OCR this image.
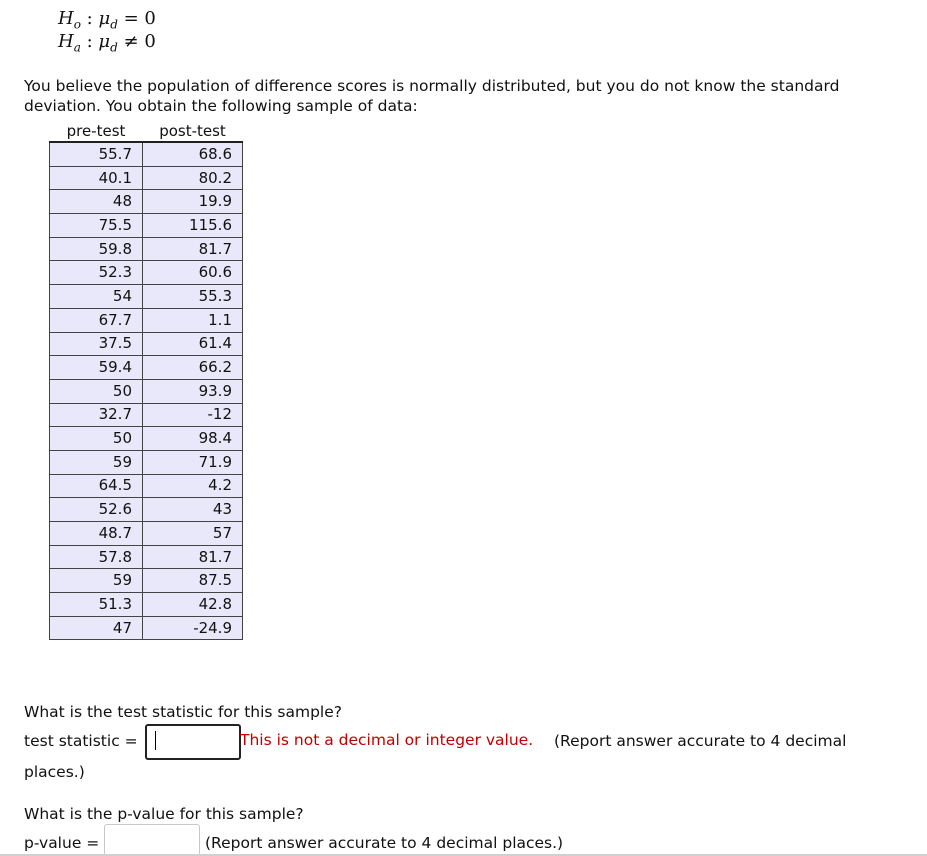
$H_o$ : $\mu_d = 0$
$H_a$ : $\mu_d \ne 0$
You believe the population of difference scores is normally distributed, but you do not know the standard deviation. You obtain the following sample of data:
pre-test	post-test
55.7	68.6
40.1	80.2
48	19.9
75.5	115.6
59.8	81.7
52.3	60.6
54	55.3
67.7	1.1
37.5	61.4
59.4	66.2
50	93.9
32.7	-12
50	98.4
59	71.9
64.5	4.2
52.6	43
48.7	57
57.8	81.7
59	87.5
51.3	42.8
47	-24.9
What is the test statistic for this sample?
test statistic =	This is not a decimal or integer value. (Report answer accurate to 4 decimal
places.)
What is the p-value for this sample?
p-value =	(Report answer accurate to 4 decimal places.)
